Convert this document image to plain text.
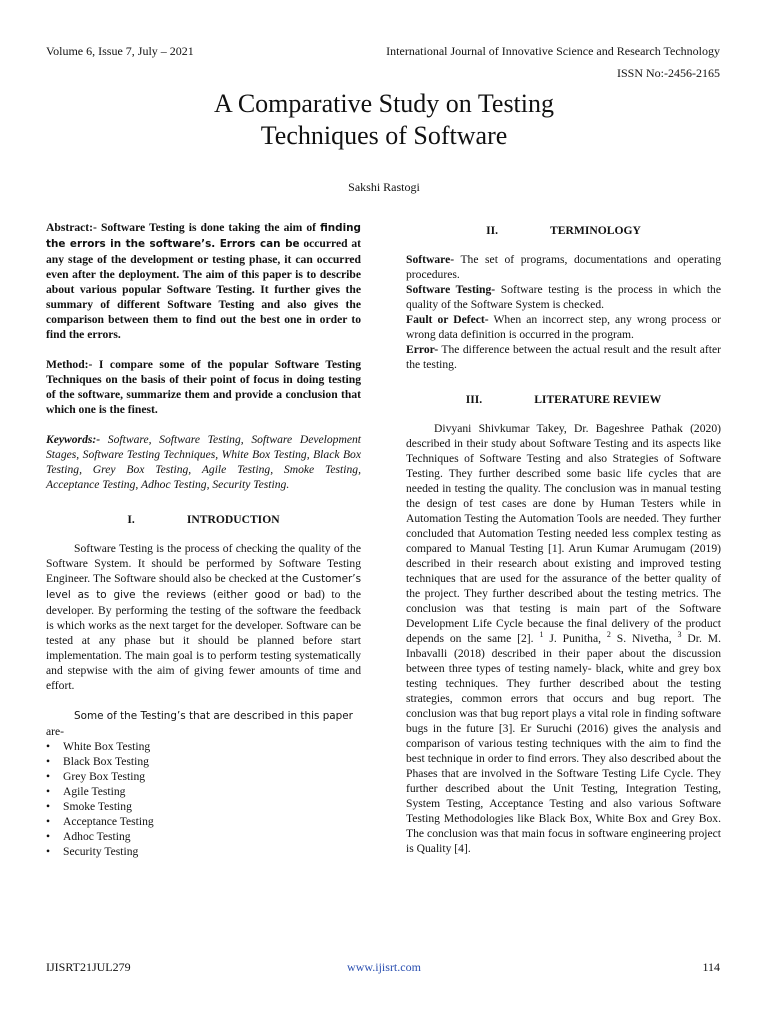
Volume 6, Issue 7, July – 2021	International Journal of Innovative Science and Research Technology
ISSN No:-2456-2165
A Comparative Study on Testing
Techniques of Software
Sakshi Rastogi

Abstract:- Software Testing is done taking the aim of finding the errors in the software’s. Errors can be occurred at any stage of the development or testing phase, it can occurred even after the deployment. The aim of this paper is to describe about various popular Software Testing. It further gives the summary of different Software Testing and also gives the comparison between them to find out the best one in order to find the errors.

Method:- I compare some of the popular Software Testing Techniques on the basis of their point of focus in doing testing of the software, summarize them and provide a conclusion that which one is the finest.

Keywords:- Software, Software Testing, Software Development Stages, Software Testing Techniques, White Box Testing, Black Box Testing, Grey Box Testing, Agile Testing, Smoke Testing, Acceptance Testing, Adhoc Testing, Security Testing.

I.	INTRODUCTION

Software Testing is the process of checking the quality of the Software System. It should be performed by Software Testing Engineer. The Software should also be checked at the Customer’s level as to give the reviews (either good or bad) to the developer. By performing the testing of the software the feedback is which works as the next target for the developer. Software can be tested at any phase but it should be planned before start implementation. The main goal is to perform testing systematically and stepwise with the aim of giving fewer amounts of time and effort.

Some of the Testing’s that are described in this paper

are-

• White Box Testing
• Black Box Testing
• Grey Box Testing
• Agile Testing
• Smoke Testing
• Acceptance Testing
• Adhoc Testing
• Security Testing
II.	TERMINOLOGY

Software- The set of programs, documentations and operating procedures.

Software Testing- Software testing is the process in which the quality of the Software System is checked.

Fault or Defect- When an incorrect step, any wrong process or wrong data definition is occurred in the program.

Error- The difference between the actual result and the result after the testing.

III.	LITERATURE REVIEW

Divyani Shivkumar Takey, Dr. Bageshree Pathak (2020) described in their study about Software Testing and its aspects like Techniques of Software Testing and also Strategies of Software Testing. They further described some basic life cycles that are needed in testing the quality. The conclusion was in manual testing the design of test cases are done by Human Testers while in Automation Testing the Automation Tools are needed. They further concluded that Automation Testing needed less complex testing as compared to Manual Testing [1]. Arun Kumar Arumugam (2019) described in their research about existing and improved testing techniques that are used for the assurance of the better quality of the project. They further described about the testing metrics. The conclusion was that testing is main part of the Software Development Life Cycle because the final delivery of the product depends on the same [2]. $^1$ J. Punitha, $^2$ S. Nivetha, $^3$ Dr. M. Inbavalli (2018) described in their paper about the discussion between three types of testing namely- black, white and grey box testing techniques. They further described about the testing strategies, common errors that occurs and bug report. The conclusion was that bug report plays a vital role in finding software bugs in the future [3]. Er Suruchi (2016) gives the analysis and comparison of various testing techniques with the aim to find the best technique in order to find errors. They also described about the Phases that are involved in the Software Testing Life Cycle. They further described about the Unit Testing, Integration Testing, System Testing, Acceptance Testing and also various Software Testing Methodologies like Black Box, White Box and Grey Box. The conclusion was that main focus in software engineering project is Quality [4].

IJISRT21JUL279	www.ijisrt.com	114
